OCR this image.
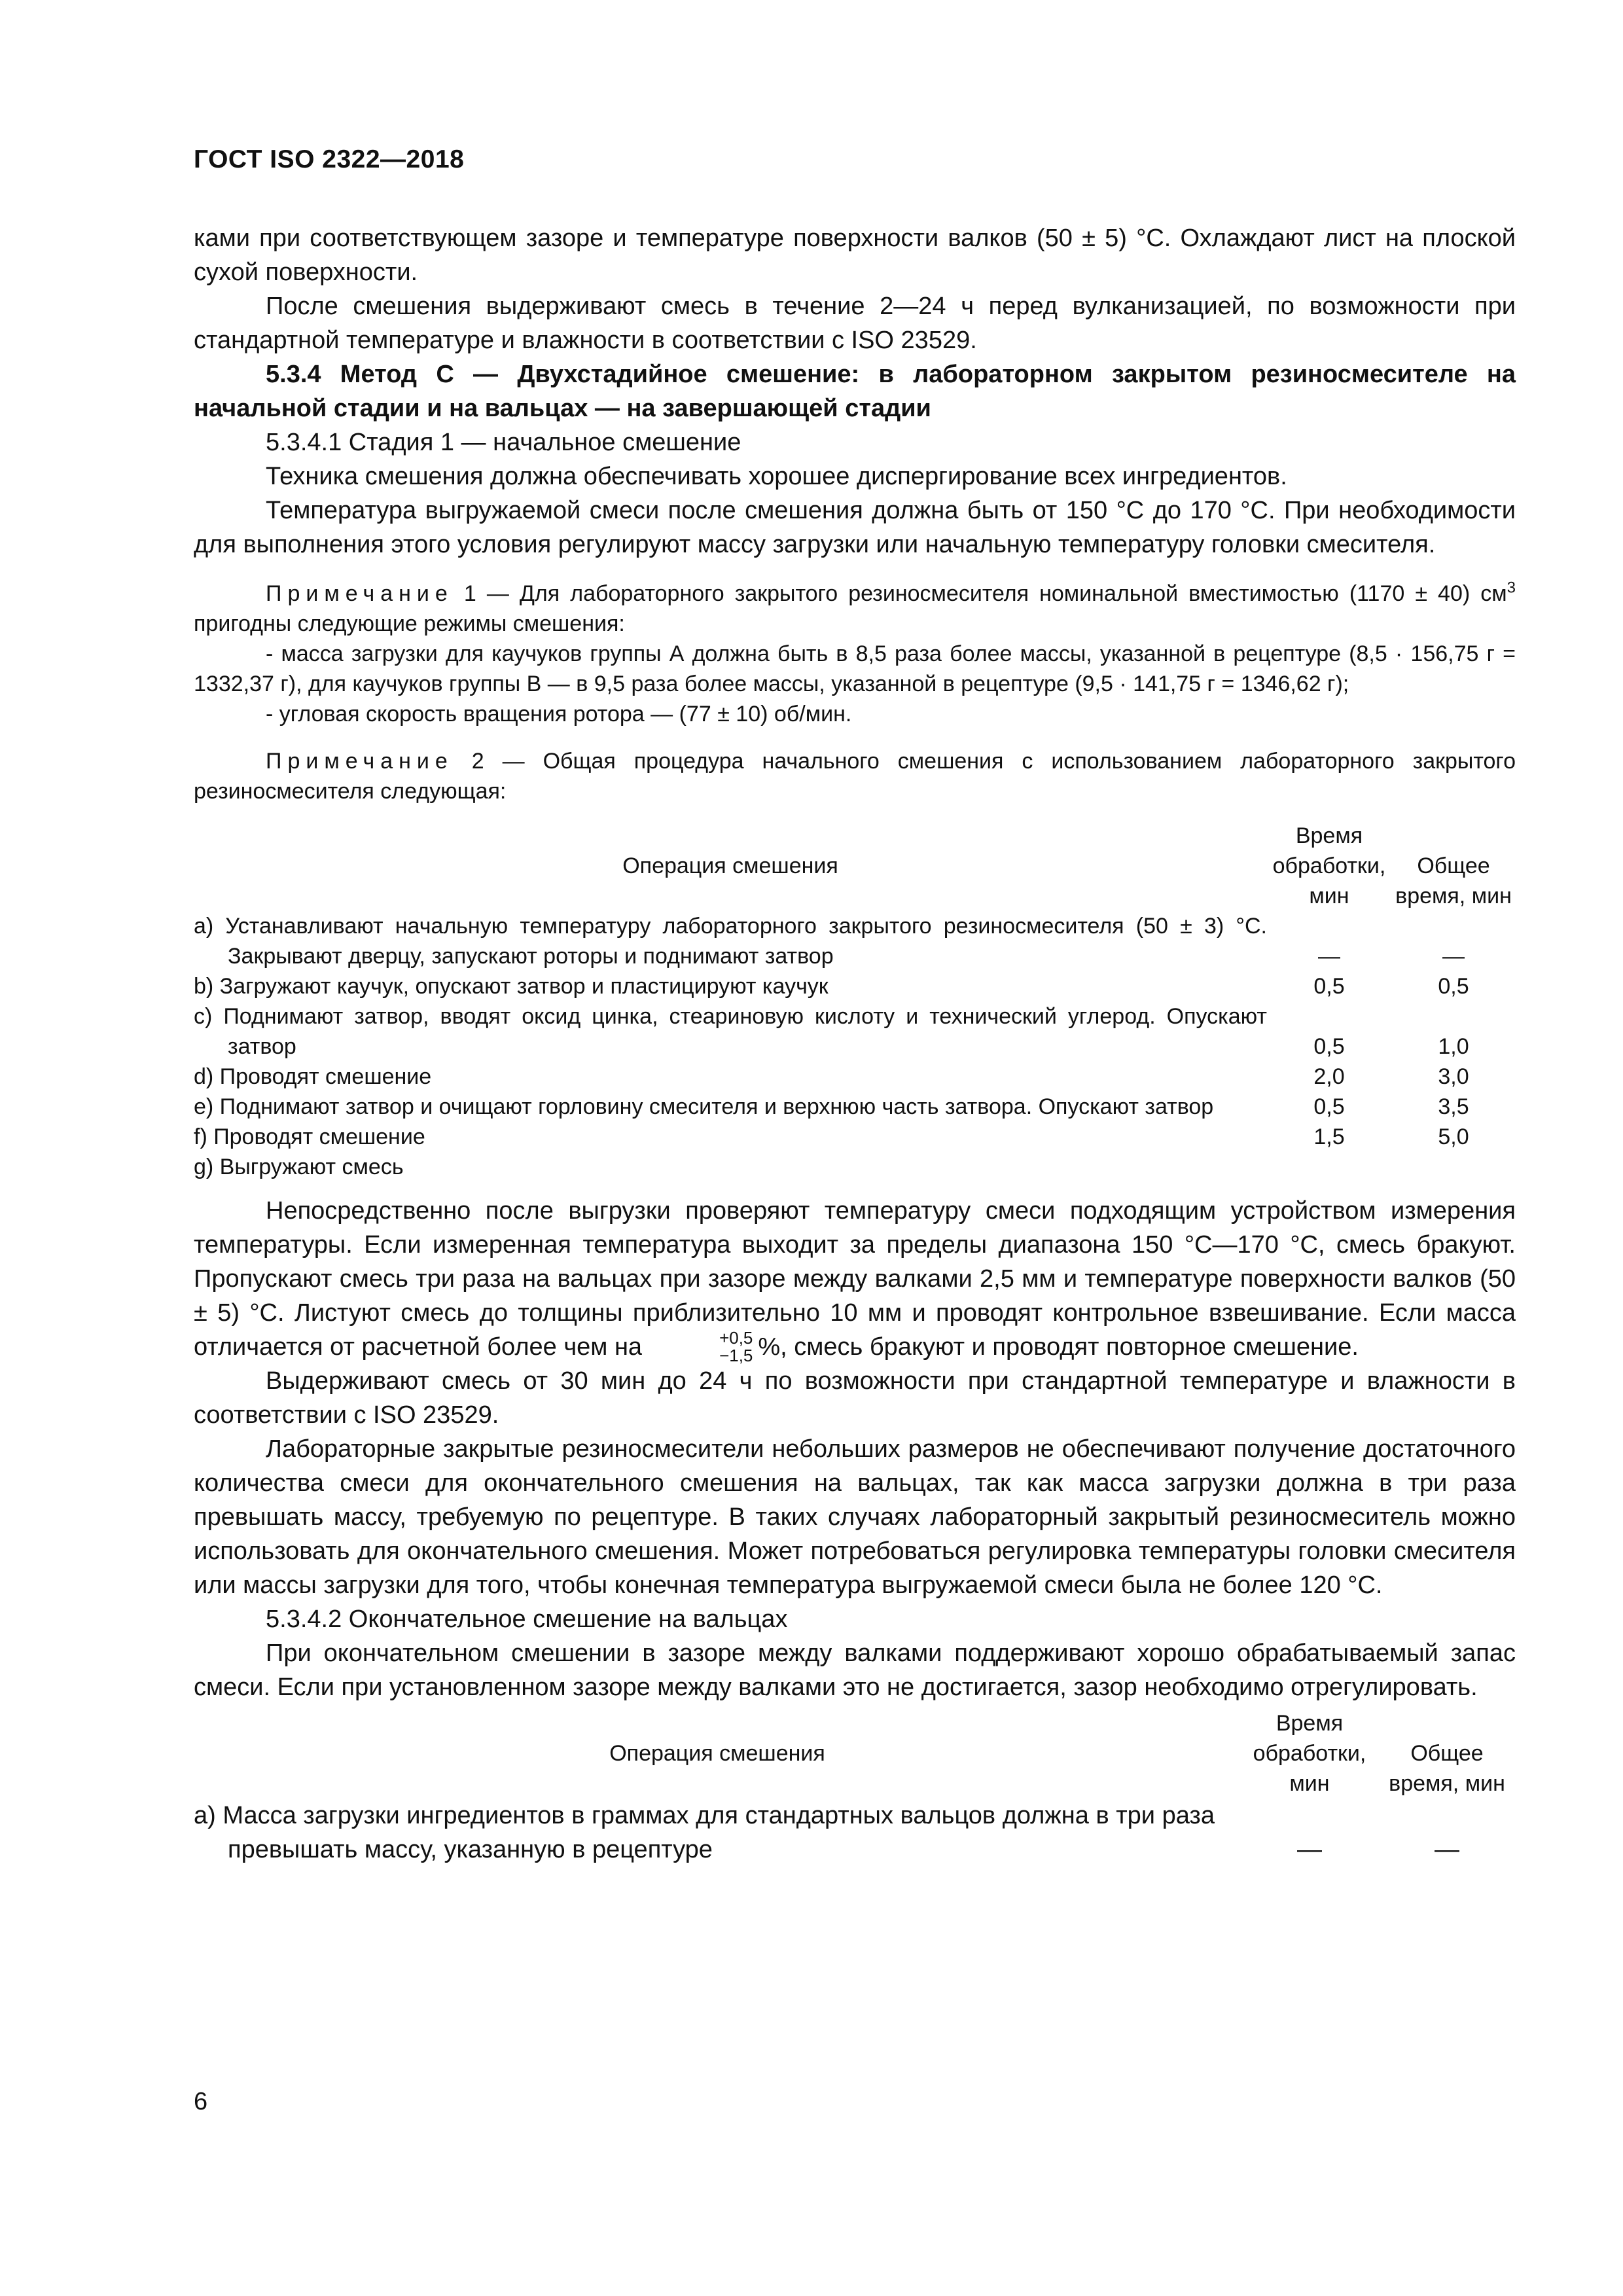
ГОСТ ISO 2322—2018

ками при соответствующем зазоре и температуре поверхности валков (50 ± 5) °С. Охлаждают лист на плоской сухой поверхности.

После смешения выдерживают смесь в течение 2—24 ч перед вулканизацией, по возможности при стандартной температуре и влажности в соответствии с ISO 23529.

5.3.4 Метод С — Двухстадийное смешение: в лабораторном закрытом резиносмесителе на начальной стадии и на вальцах — на завершающей стадии

5.3.4.1 Стадия 1 — начальное смешение

Техника смешения должна обеспечивать хорошее диспергирование всех ингредиентов.

Температура выгружаемой смеси после смешения должна быть от 150 °С до 170 °С. При необходимости для выполнения этого условия регулируют массу загрузки или начальную температуру головки смесителя.

Примечание 1 — Для лабораторного закрытого резиносмесителя номинальной вместимостью (1170 ± 40) $см^3$ пригодны следующие режимы смешения:

- масса загрузки для каучуков группы А должна быть в 8,5 раза более массы, указанной в рецептуре (8,5 · 156,75 г = 1332,37 г), для каучуков группы В — в 9,5 раза более массы, указанной в рецептуре (9,5 · 141,75 г = 1346,62 г);

- угловая скорость вращения ротора — (77 ± 10) об/мин.

Примечание 2 — Общая процедура начального смешения с использованием лабораторного закрытого резиносмесителя следующая:

Операция смешения	Время обработки, мин	Общее время, мин
а) Устанавливают начальную температуру лабораторного закрытого резиносмесителя (50 ± 3) °С. Закрывают дверцу, запускают роторы и поднимают затвор	—	—
b) Загружают каучук, опускают затвор и пластицируют каучук	0,5	0,5
с) Поднимают затвор, вводят оксид цинка, стеариновую кислоту и технический углерод. Опускают затвор	0,5	1,0
d) Проводят смешение	2,0	3,0
е) Поднимают затвор и очищают горловину смесителя и верхнюю часть затвора. Опускают затвор	0,5	3,5
f) Проводят смешение	1,5	5,0
g) Выгружают смесь		

Непосредственно после выгрузки проверяют температуру смеси подходящим устройством измерения температуры. Если измеренная температура выходит за пределы диапазона 150 °С—170 °С, смесь бракуют. Пропускают смесь три раза на вальцах при зазоре между валками 2,5 мм и температуре поверхности валков (50 ± 5) °С. Листуют смесь до толщины приблизительно 10 мм и проводят контрольное взвешивание. Если масса отличается от расчетной более чем на	+0,5
−1,5 %, смесь бракуют и проводят повторное смешение.

Выдерживают смесь от 30 мин до 24 ч по возможности при стандартной температуре и влажности в соответствии с ISO 23529.

Лабораторные закрытые резиносмесители небольших размеров не обеспечивают получение достаточного количества смеси для окончательного смешения на вальцах, так как масса загрузки должна в три раза превышать массу, требуемую по рецептуре. В таких случаях лабораторный закрытый резиносмеситель можно использовать для окончательного смешения. Может потребоваться регулировка температуры головки смесителя или массы загрузки для того, чтобы конечная температура выгружаемой смеси была не более 120 °С.

5.3.4.2 Окончательное смешение на вальцах

При окончательном смешении в зазоре между валками поддерживают хорошо обрабатываемый запас смеси. Если при установленном зазоре между валками это не достигается, зазор необходимо отрегулировать.

Операция смешения	Время обработки, мин	Общее время, мин
а) Масса загрузки ингредиентов в граммах для стандартных вальцов должна в три раза превышать массу, указанную в рецептуре	—	—
6
